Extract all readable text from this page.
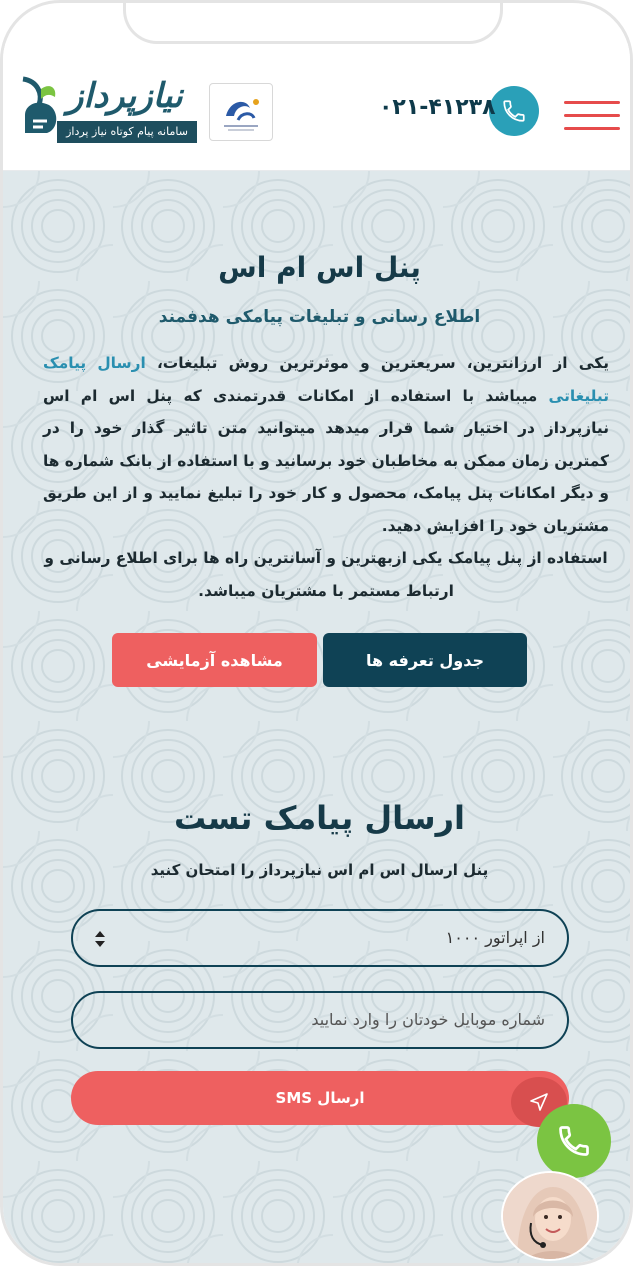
۰۲۱-۴۱۲۳۸
نیازپرداز
سامانه پیام کوتاه نیاز پرداز
پنل اس ام اس
اطلاع رسانی و تبلیغات پیامکی هدفمند
یکی از ارزانترین، سریعترین و موثرترین روش تبلیغات، ارسال پیامک تبلیغاتی میباشد با استفاده از امکانات قدرتمندی که پنل اس ام اس نیازپرداز در اختیار شما قرار میدهد میتوانید متن تاثیر گذار خود را در کمترین زمان ممکن به مخاطبان خود برسانید و با استفاده از بانک شماره ها و دیگر امکانات پنل پیامک، محصول و کار خود را تبلیغ نمایید و از این طریق مشتریان خود را افزایش دهید.
استفاده از پنل پیامک یکی ازبهترین و آسانترین راه ها برای اطلاع رسانی و ارتباط مستمر با مشتریان میباشد.
جدول تعرفه ها
مشاهده آزمایشی
ارسال پیامک تست
پنل ارسال اس ام اس نیازپرداز را امتحان کنید
از اپراتور ۱۰۰۰
شماره موبایل خودتان را وارد نمایید
ارسال SMS
